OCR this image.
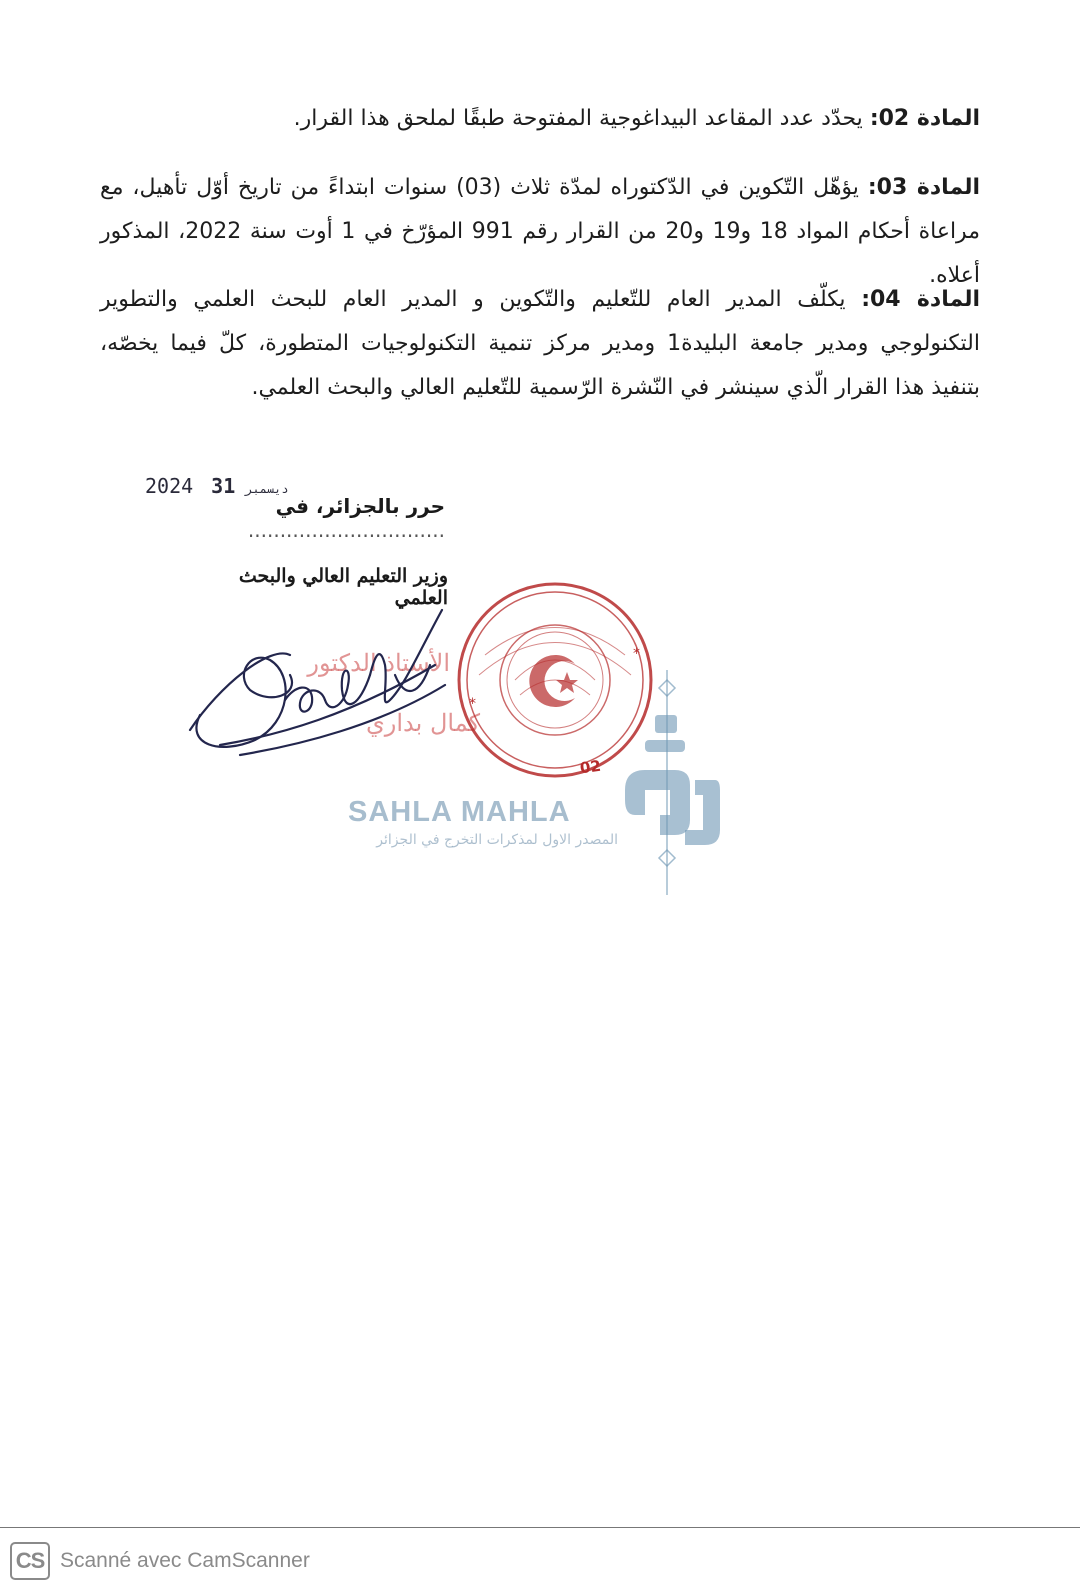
المادة 02: يحدّد عدد المقاعد البيداغوجية المفتوحة طبقًا لملحق هذا القرار.
المادة 03: يؤهّل التّكوين في الدّكتوراه لمدّة ثلاث (03) سنوات ابتداءً من تاريخ أوّل تأهيل، مع مراعاة أحكام المواد 18 و19 و20 من القرار رقم 991 المؤرّخ في 1 أوت سنة 2022، المذكور أعلاه.
المادة 04: يكلّف المدير العام للتّعليم والتّكوين و المدير العام للبحث العلمي والتطوير التكنولوجي ومدير جامعة البليدة1 ومدير مركز تنمية التكنولوجيات المتطورة، كلّ فيما يخصّه، بتنفيذ هذا القرار الّذي سينشر في النّشرة الرّسمية للتّعليم العالي والبحث العلمي.
2024	ديسمبر31
حرر بالجزائر، في ...............................
وزير التعليم العالي والبحث العلمي
الأستاذ الدكتور
كمال بداري
*
*
02
SAHLA MAHLA
المصدر الاول لمذكرات التخرج في الجزائر
CS Scanné avec CamScanner
